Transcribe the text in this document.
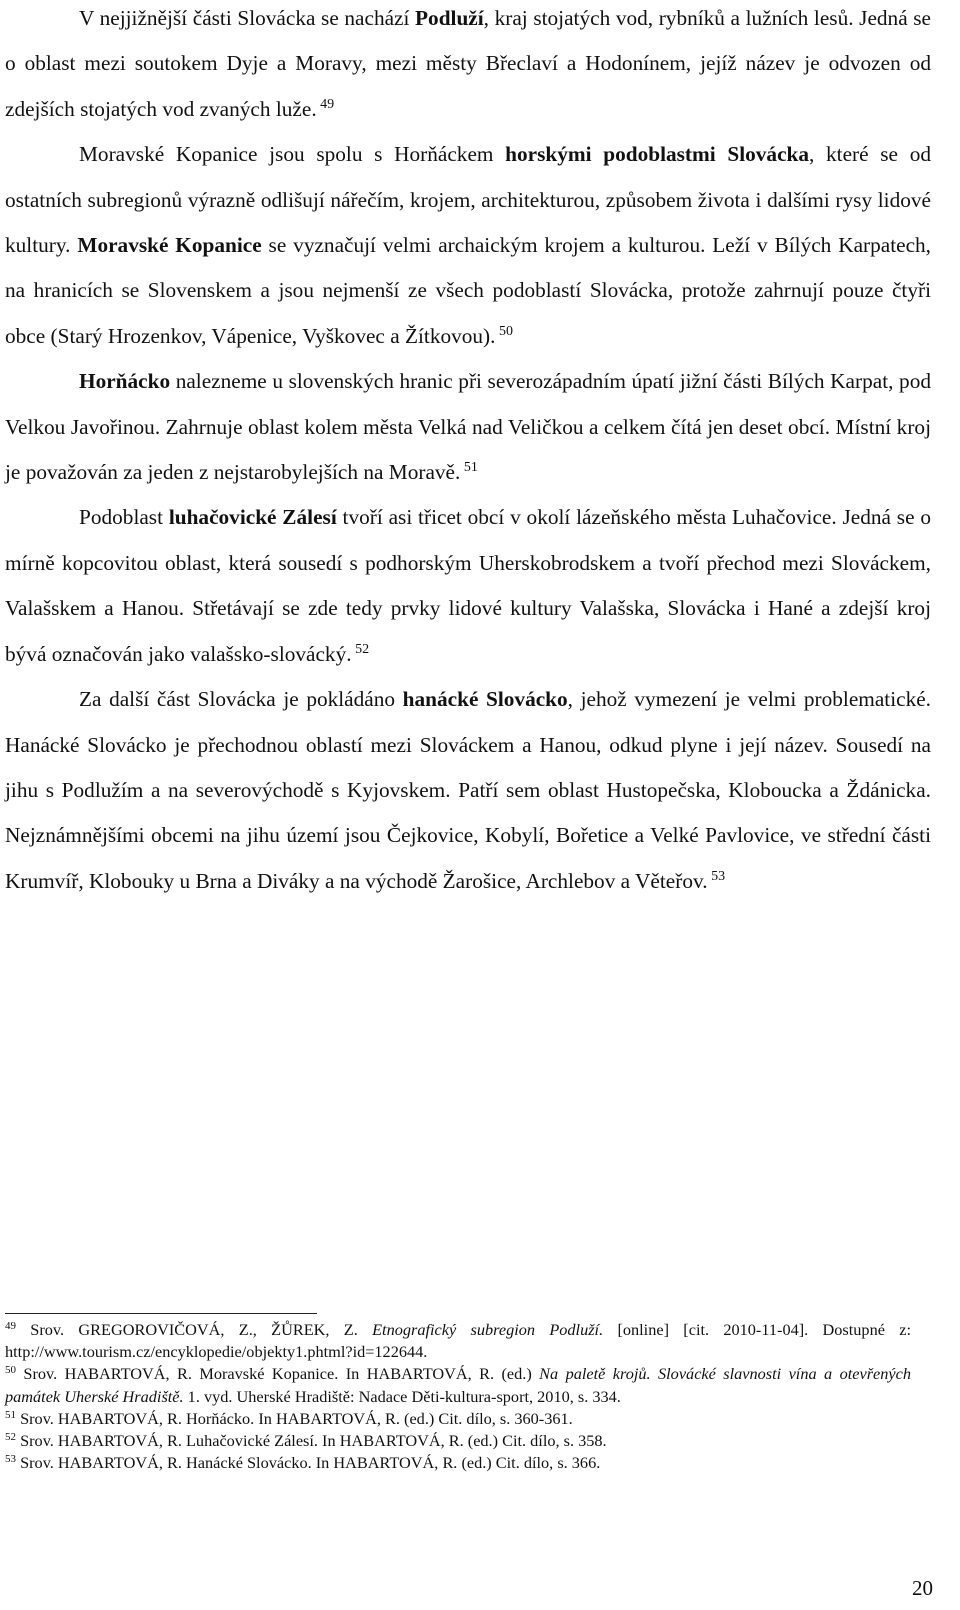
V nejjižnější části Slovácka se nachází Podluží, kraj stojatých vod, rybníků a lužních lesů. Jedná se o oblast mezi soutokem Dyje a Moravy, mezi městy Břeclaví a Hodonínem, jejíž název je odvozen od zdejších stojatých vod zvaných luže. $^{49}$

Moravské Kopanice jsou spolu s Horňáckem horskými podoblastmi Slovácka, které se od ostatních subregionů výrazně odlišují nářečím, krojem, architekturou, způsobem života i dalšími rysy lidové kultury. Moravské Kopanice se vyznačují velmi archaickým krojem a kulturou. Leží v Bílých Karpatech, na hranicích se Slovenskem a jsou nejmenší ze všech podoblastí Slovácka, protože zahrnují pouze čtyři obce (Starý Hrozenkov, Vápenice, Vyškovec a Žítkovou). $^{50}$

Horňácko nalezneme u slovenských hranic při severozápadním úpatí jižní části Bílých Karpat, pod Velkou Javořinou. Zahrnuje oblast kolem města Velká nad Veličkou a celkem čítá jen deset obcí. Místní kroj je považován za jeden z nejstarobylejších na Moravě. $^{51}$

Podoblast luhačovické Zálesí tvoří asi třicet obcí v okolí lázeňského města Luhačovice. Jedná se o mírně kopcovitou oblast, která sousedí s podhorským Uherskobrodskem a tvoří přechod mezi Slováckem, Valašskem a Hanou. Střetávají se zde tedy prvky lidové kultury Valašska, Slovácka i Hané a zdejší kroj bývá označován jako valašsko-slovácký. $^{52}$

Za další část Slovácka je pokládáno hanácké Slovácko, jehož vymezení je velmi problematické. Hanácké Slovácko je přechodnou oblastí mezi Slováckem a Hanou, odkud plyne i její název. Sousedí na jihu s Podlužím a na severovýchodě s Kyjovskem. Patří sem oblast Hustopečska, Kloboucka a Ždánicka. Nejznámnějšími obcemi na jihu území jsou Čejkovice, Kobylí, Bořetice a Velké Pavlovice, ve střední části Krumvíř, Klobouky u Brna a Diváky a na východě Žarošice, Archlebov a Věteřov. $^{53}$

$^{49}$ Srov. GREGOROVIČOVÁ, Z., ŽŮREK, Z. Etnografický subregion Podluží. [online] [cit. 2010-11-04]. Dostupné z: http://www.tourism.cz/encyklopedie/objekty1.phtml?id=122644.
$^{50}$ Srov. HABARTOVÁ, R. Moravské Kopanice. In HABARTOVÁ, R. (ed.) Na paletě krojů. Slovácké slavnosti vína a otevřených památek Uherské Hradiště. 1. vyd. Uherské Hradiště: Nadace Děti-kultura-sport, 2010, s. 334.
$^{51}$ Srov. HABARTOVÁ, R. Horňácko. In HABARTOVÁ, R. (ed.) Cit. dílo, s. 360-361.
$^{52}$ Srov. HABARTOVÁ, R. Luhačovické Zálesí. In HABARTOVÁ, R. (ed.) Cit. dílo, s. 358.
$^{53}$ Srov. HABARTOVÁ, R. Hanácké Slovácko. In HABARTOVÁ, R. (ed.) Cit. dílo, s. 366.
20
